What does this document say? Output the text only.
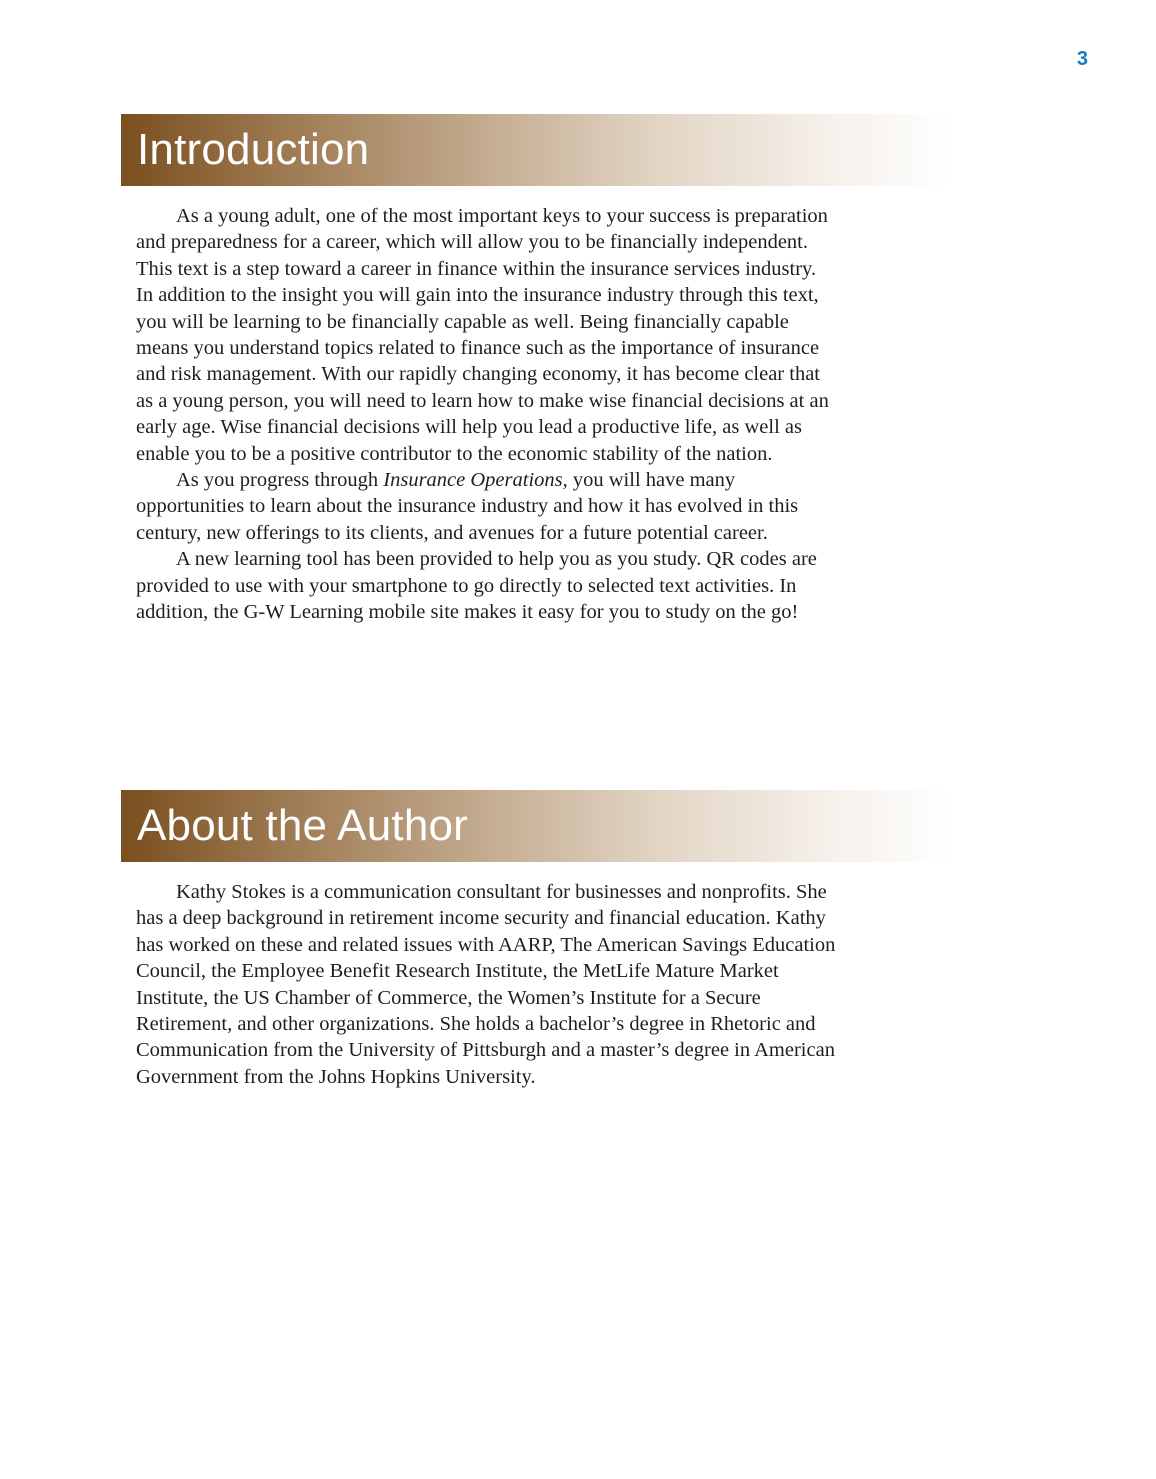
3
Introduction

As a young adult, one of the most important keys to your success is preparation and preparedness for a career, which will allow you to be financially independent. This text is a step toward a career in finance within the insurance services industry. In addition to the insight you will gain into the insurance industry through this text, you will be learning to be financially capable as well. Being financially capable means you understand topics related to finance such as the importance of insurance and risk management. With our rapidly changing economy, it has become clear that as a young person, you will need to learn how to make wise financial decisions at an early age. Wise financial decisions will help you lead a productive life, as well as enable you to be a positive contributor to the economic stability of the nation.

As you progress through Insurance Operations, you will have many opportunities to learn about the insurance industry and how it has evolved in this century, new offerings to its clients, and avenues for a future potential career.

A new learning tool has been provided to help you as you study. QR codes are provided to use with your smartphone to go directly to selected text activities. In addition, the G-W Learning mobile site makes it easy for you to study on the go!

About the Author

Kathy Stokes is a communication consultant for businesses and nonprofits. She has a deep background in retirement income security and financial education. Kathy has worked on these and related issues with AARP, The American Savings Education Council, the Employee Benefit Research Institute, the MetLife Mature Market Institute, the US Chamber of Commerce, the Women’s Institute for a Secure Retirement, and other organizations. She holds a bachelor’s degree in Rhetoric and Communication from the University of Pittsburgh and a master’s degree in American Government from the Johns Hopkins University.
